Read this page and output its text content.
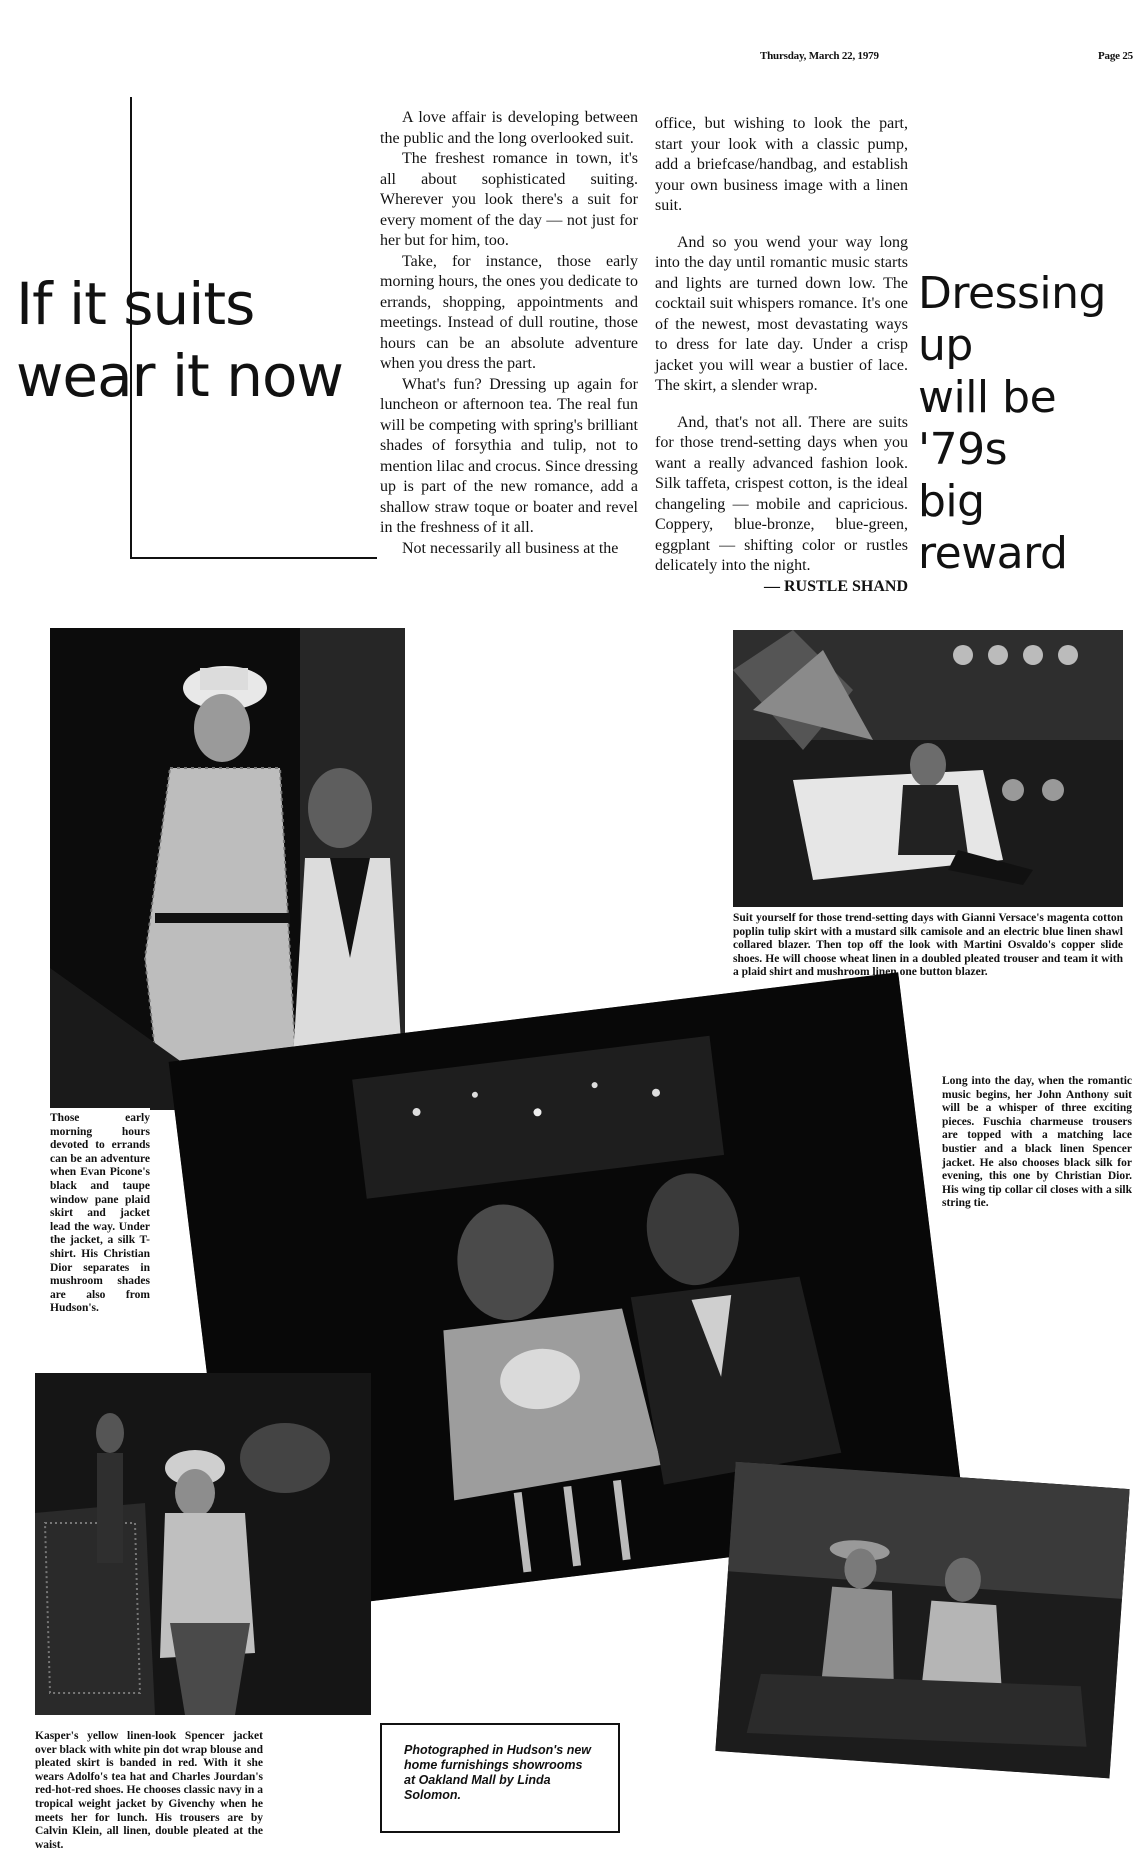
Thursday, March 22, 1979	Page 25
If it suits
wear it now

A love affair is developing between the public and the long overlooked suit.

The freshest romance in town, it's all about sophisticated suiting. Wherever you look there's a suit for every moment of the day — not just for her but for him, too.

Take, for instance, those early morning hours, the ones you dedicate to errands, shopping, appointments and meetings. Instead of dull routine, those hours can be an absolute adventure when you dress the part.

What's fun? Dressing up again for luncheon or afternoon tea. The real fun will be competing with spring's brilliant shades of forsythia and tulip, not to mention lilac and crocus. Since dressing up is part of the new romance, add a shallow straw toque or boater and revel in the freshness of it all.

Not necessarily all business at the

office, but wishing to look the part, start your look with a classic pump, add a briefcase/handbag, and establish your own business image with a linen suit.

And so you wend your way long into the day until romantic music starts and lights are turned down low. The cocktail suit whispers romance. It's one of the newest, most devastating ways to dress for late day. Under a crisp jacket you will wear a bustier of lace. The skirt, a slender wrap.

And, that's not all. There are suits for those trend-setting days when you want a really advanced fashion look. Silk taffeta, crispest cotton, is the ideal changeling — mobile and capricious. Coppery, blue-bronze, blue-green, eggplant — shifting color or rustles delicately into the night.

— RUSTLE SHAND

Dressing up
will be '79s
big reward
Those early morning hours devoted to errands can be an adventure when Evan Picone's black and taupe window pane plaid skirt and jacket lead the way. Under the jacket, a silk T-shirt. His Christian Dior separates in mushroom shades are also from Hudson's.
Suit yourself for those trend-setting days with Gianni Versace's magenta cotton poplin tulip skirt with a mustard silk camisole and an electric blue linen shawl collared blazer. Then top off the look with Martini Osvaldo's copper slide shoes. He will choose wheat linen in a doubled pleated trouser and team it with a plaid shirt and mushroom linen one button blazer.
Long into the day, when the romantic music begins, her John Anthony suit will be a whisper of three exciting pieces. Fuschia charmeuse trousers are topped with a matching lace bustier and a black linen Spencer jacket. He also chooses black silk for evening, this one by Christian Dior. His wing tip collar cil closes with a silk string tie.
Kasper's yellow linen-look Spencer jacket over black with white pin dot wrap blouse and pleated skirt is banded in red. With it she wears Adolfo's tea hat and Charles Jourdan's red-hot-red shoes. He chooses classic navy in a tropical weight jacket by Givenchy when he meets her for lunch. His trousers are by Calvin Klein, all linen, double pleated at the waist.
Photographed in Hudson's new home furnishings showrooms at Oakland Mall by Linda Solomon.
